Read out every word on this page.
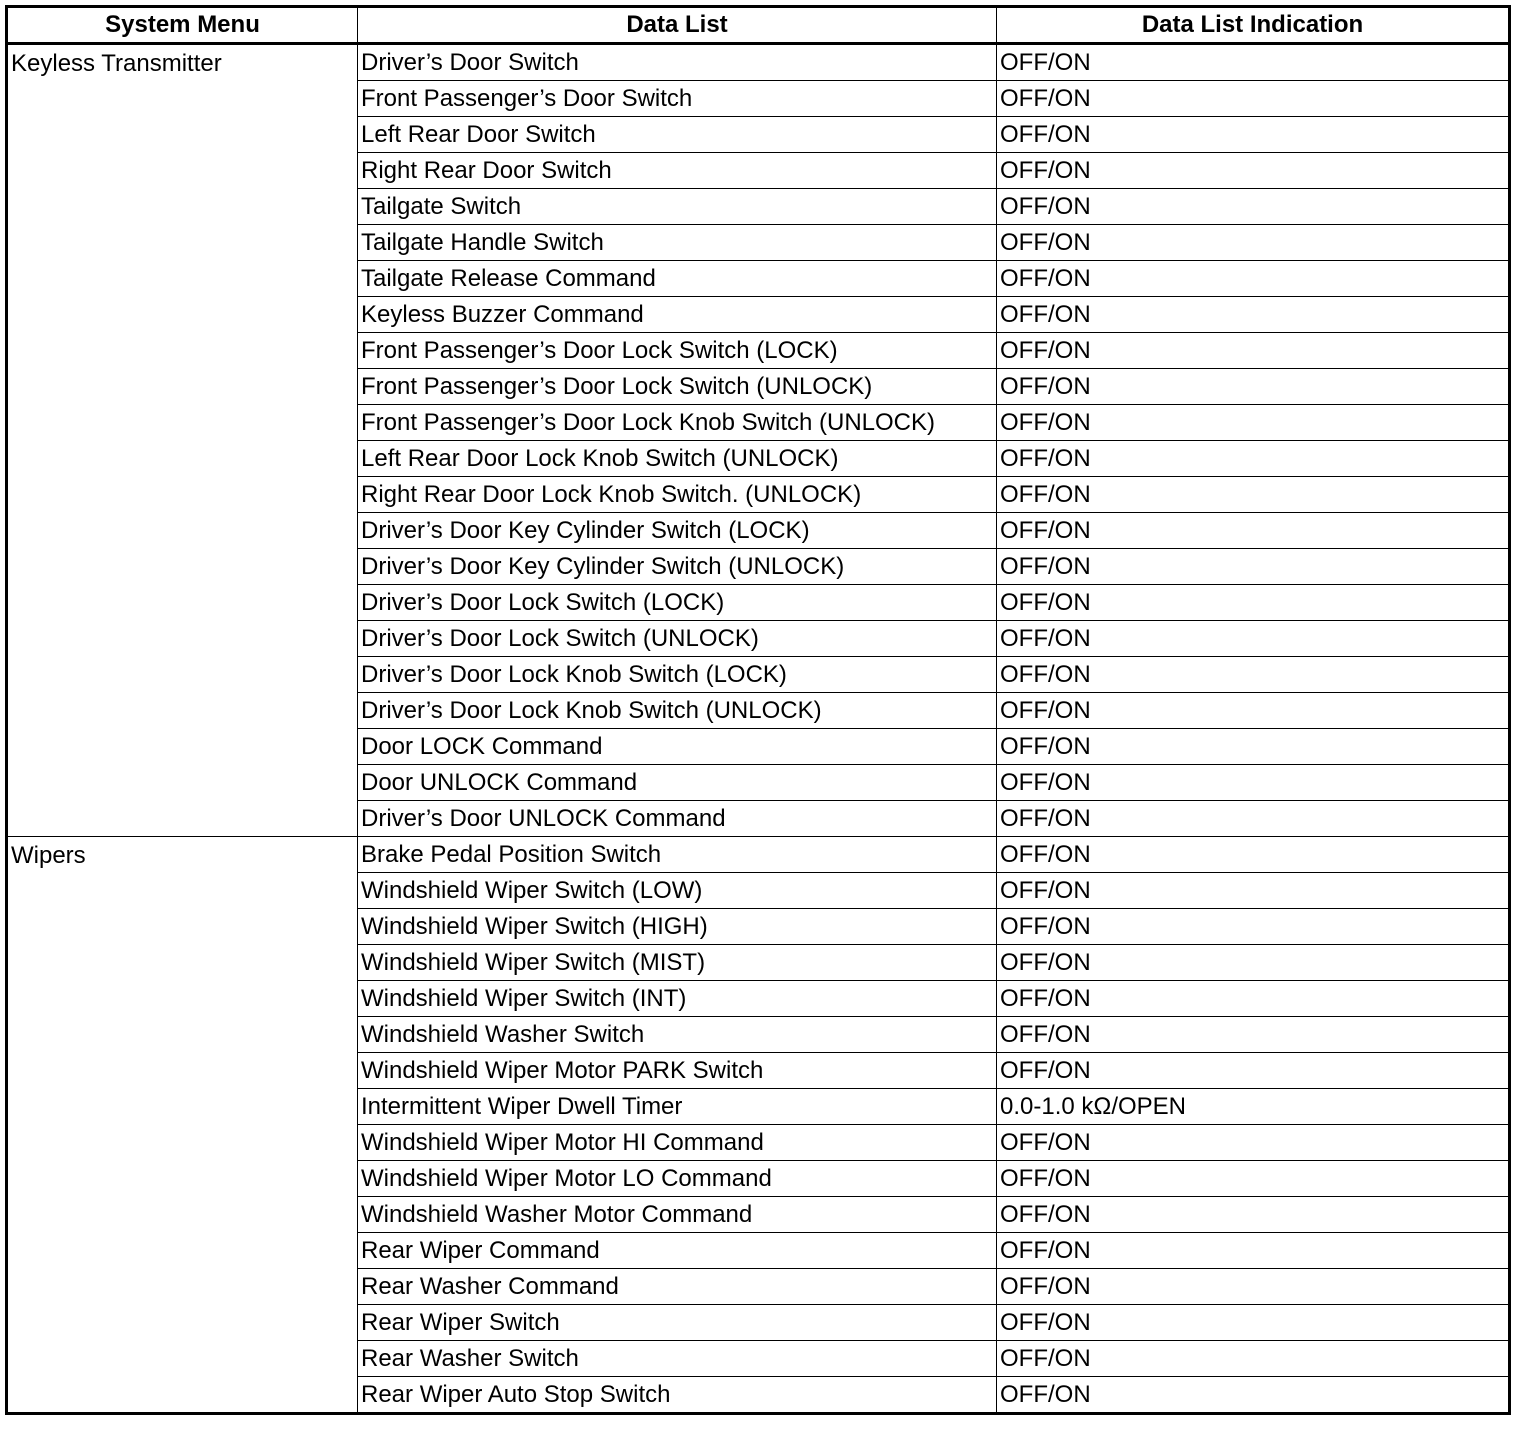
System Menu	Data List	Data List Indication
Keyless Transmitter	Driver’s Door Switch	OFF/ON
	Front Passenger’s Door Switch	OFF/ON
	Left Rear Door Switch	OFF/ON
	Right Rear Door Switch	OFF/ON
	Tailgate Switch	OFF/ON
	Tailgate Handle Switch	OFF/ON
	Tailgate Release Command	OFF/ON
	Keyless Buzzer Command	OFF/ON
	Front Passenger’s Door Lock Switch (LOCK)	OFF/ON
	Front Passenger’s Door Lock Switch (UNLOCK)	OFF/ON
	Front Passenger’s Door Lock Knob Switch (UNLOCK)	OFF/ON
	Left Rear Door Lock Knob Switch (UNLOCK)	OFF/ON
	Right Rear Door Lock Knob Switch. (UNLOCK)	OFF/ON
	Driver’s Door Key Cylinder Switch (LOCK)	OFF/ON
	Driver’s Door Key Cylinder Switch (UNLOCK)	OFF/ON
	Driver’s Door Lock Switch (LOCK)	OFF/ON
	Driver’s Door Lock Switch (UNLOCK)	OFF/ON
	Driver’s Door Lock Knob Switch (LOCK)	OFF/ON
	Driver’s Door Lock Knob Switch (UNLOCK)	OFF/ON
	Door LOCK Command	OFF/ON
	Door UNLOCK Command	OFF/ON
	Driver’s Door UNLOCK Command	OFF/ON
Wipers	Brake Pedal Position Switch	OFF/ON
	Windshield Wiper Switch (LOW)	OFF/ON
	Windshield Wiper Switch (HIGH)	OFF/ON
	Windshield Wiper Switch (MIST)	OFF/ON
	Windshield Wiper Switch (INT)	OFF/ON
	Windshield Washer Switch	OFF/ON
	Windshield Wiper Motor PARK Switch	OFF/ON
	Intermittent Wiper Dwell Timer	0.0-1.0 kΩ/OPEN
	Windshield Wiper Motor HI Command	OFF/ON
	Windshield Wiper Motor LO Command	OFF/ON
	Windshield Washer Motor Command	OFF/ON
	Rear Wiper Command	OFF/ON
	Rear Washer Command	OFF/ON
	Rear Wiper Switch	OFF/ON
	Rear Washer Switch	OFF/ON
	Rear Wiper Auto Stop Switch	OFF/ON
